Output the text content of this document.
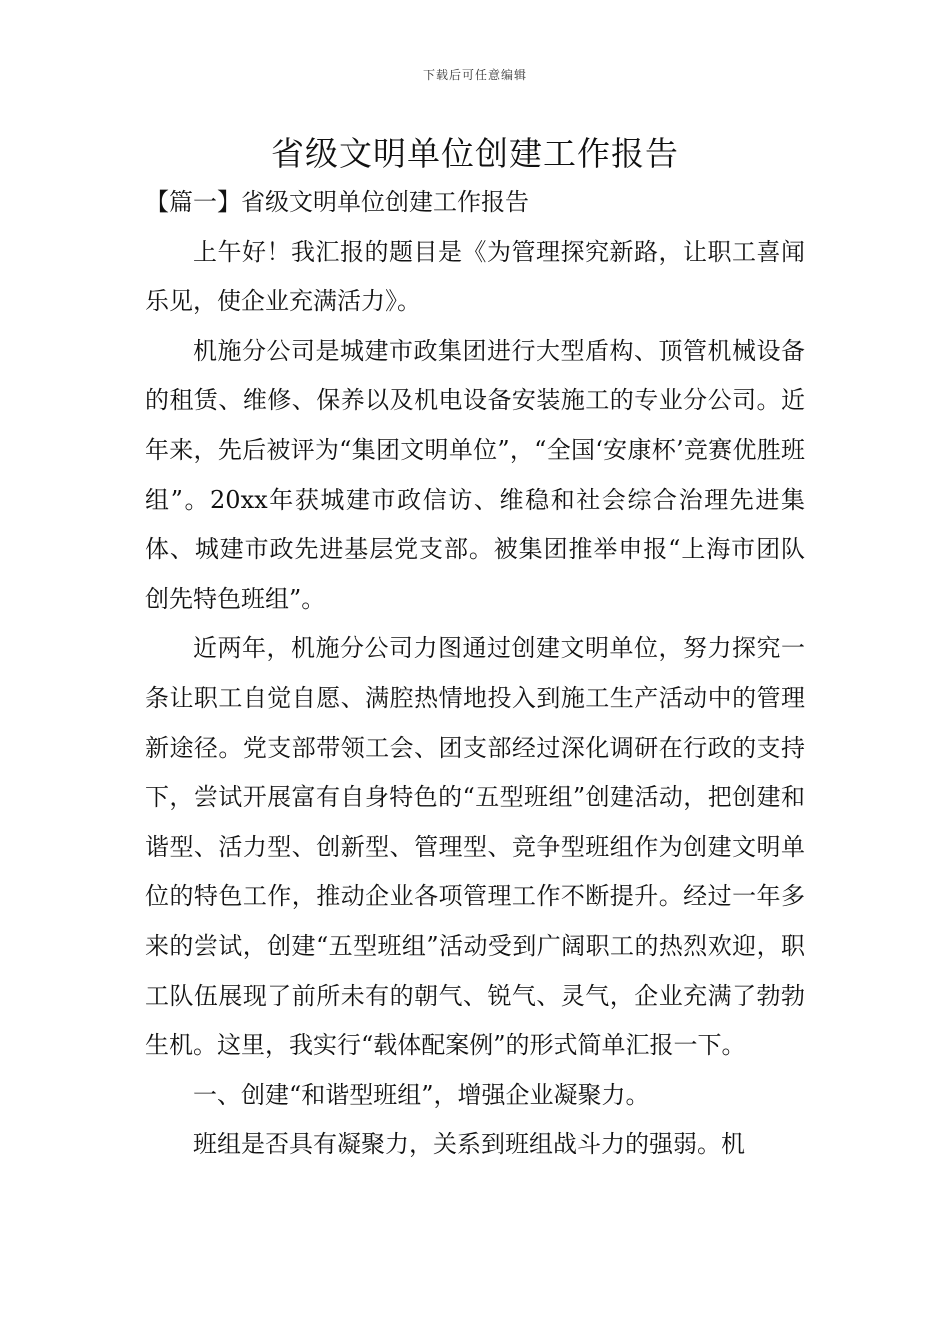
下载后可任意编辑
省级文明单位创建工作报告

【篇一】省级文明单位创建工作报告

上午好！我汇报的题目是《为管理探究新路，让职工喜闻乐见，使企业充满活力》。

机施分公司是城建市政集团进行大型盾构、顶管机械设备的租赁、维修、保养以及机电设备安装施工的专业分公司。近年来，先后被评为“集团文明单位”，“全国‘安康杯’竞赛优胜班组”。20xx年获城建市政信访、维稳和社会综合治理先进集体、城建市政先进基层党支部。被集团推举申报“上海市团队创先特色班组”。

近两年，机施分公司力图通过创建文明单位，努力探究一条让职工自觉自愿、满腔热情地投入到施工生产活动中的管理新途径。党支部带领工会、团支部经过深化调研在行政的支持下，尝试开展富有自身特色的“五型班组”创建活动，把创建和谐型、活力型、创新型、管理型、竞争型班组作为创建文明单位的特色工作，推动企业各项管理工作不断提升。经过一年多来的尝试，创建“五型班组”活动受到广阔职工的热烈欢迎，职工队伍展现了前所未有的朝气、锐气、灵气，企业充满了勃勃生机。这里，我实行“载体配案例”的形式简单汇报一下。

一、创建“和谐型班组”，增强企业凝聚力。

班组是否具有凝聚力，关系到班组战斗力的强弱。机
